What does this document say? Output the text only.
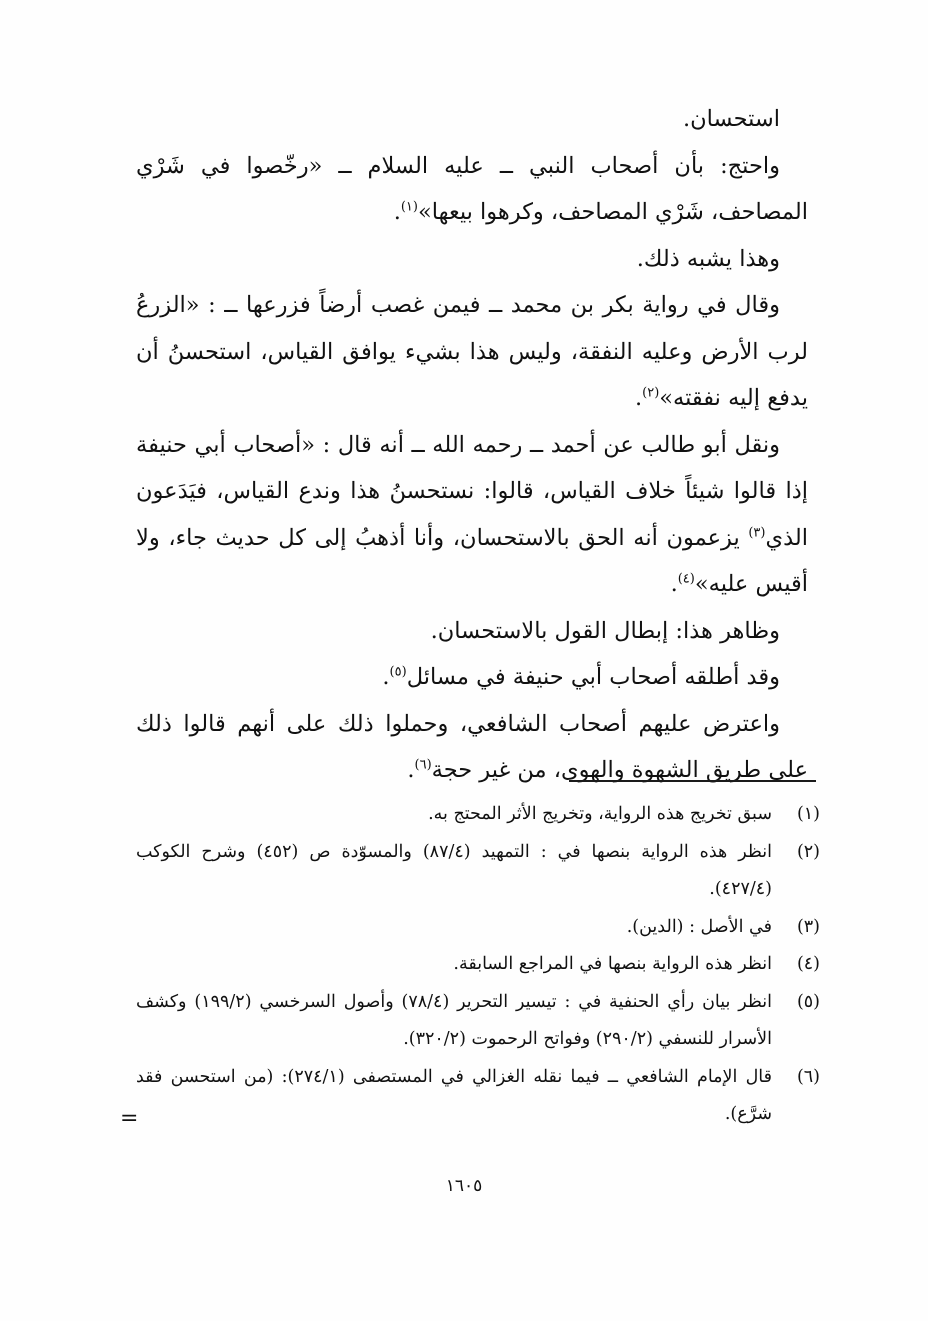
استحسان.

واحتج: بأن أصحاب النبي ــ عليه السلام ــ «رخّصوا في شَرْي المصاحف، شَرْي المصاحف، وكرهوا بيعها»$^{(١)}$.

وهذا يشبه ذلك.

وقال في رواية بكر بن محمد ــ فيمن غصب أرضاً فزرعها ــ : «الزرعُ لرب الأرض وعليه النفقة، وليس هذا بشيء يوافق القياس، استحسنُ أن يدفع إليه نفقته»$^{(٢)}$.

ونقل أبو طالب عن أحمد ــ رحمه الله ــ أنه قال : «أصحاب أبي حنيفة إذا قالوا شيئاً خلاف القياس، قالوا: نستحسنُ هذا وندع القياس، فيَدَعون الذي$^{(٣)}$ يزعمون أنه الحق بالاستحسان، وأنا أذهبُ إلى كل حديث جاء، ولا أقيس عليه»$^{(٤)}$.

وظاهر هذا: إبطال القول بالاستحسان.

وقد أطلقه أصحاب أبي حنيفة في مسائل$^{(٥)}$.

واعترض عليهم أصحاب الشافعي، وحملوا ذلك على أنهم قالوا ذلك على طريق الشهوة والهوى، من غير حجة$^{(٦)}$.

(١)
سبق تخريج هذه الرواية، وتخريج الأثر المحتج به.
(٢)
انظر هذه الرواية بنصها في : التمهيد (٨٧/٤) والمسوّدة ص (٤٥٢) وشرح الكوكب (٤٢٧/٤).
(٣)
في الأصل : (الدين).
(٤)
انظر هذه الرواية بنصها في المراجع السابقة.
(٥)
انظر بيان رأي الحنفية في : تيسير التحرير (٧٨/٤) وأصول السرخسي (١٩٩/٢) وكشف الأسرار للنسفي (٢٩٠/٢) وفواتح الرحموت (٣٢٠/٢).
(٦)
قال الإمام الشافعي ــ فيما نقله الغزالي في المستصفى (٢٧٤/١): (من استحسن فقد شرَّع).
=
١٦٠٥
